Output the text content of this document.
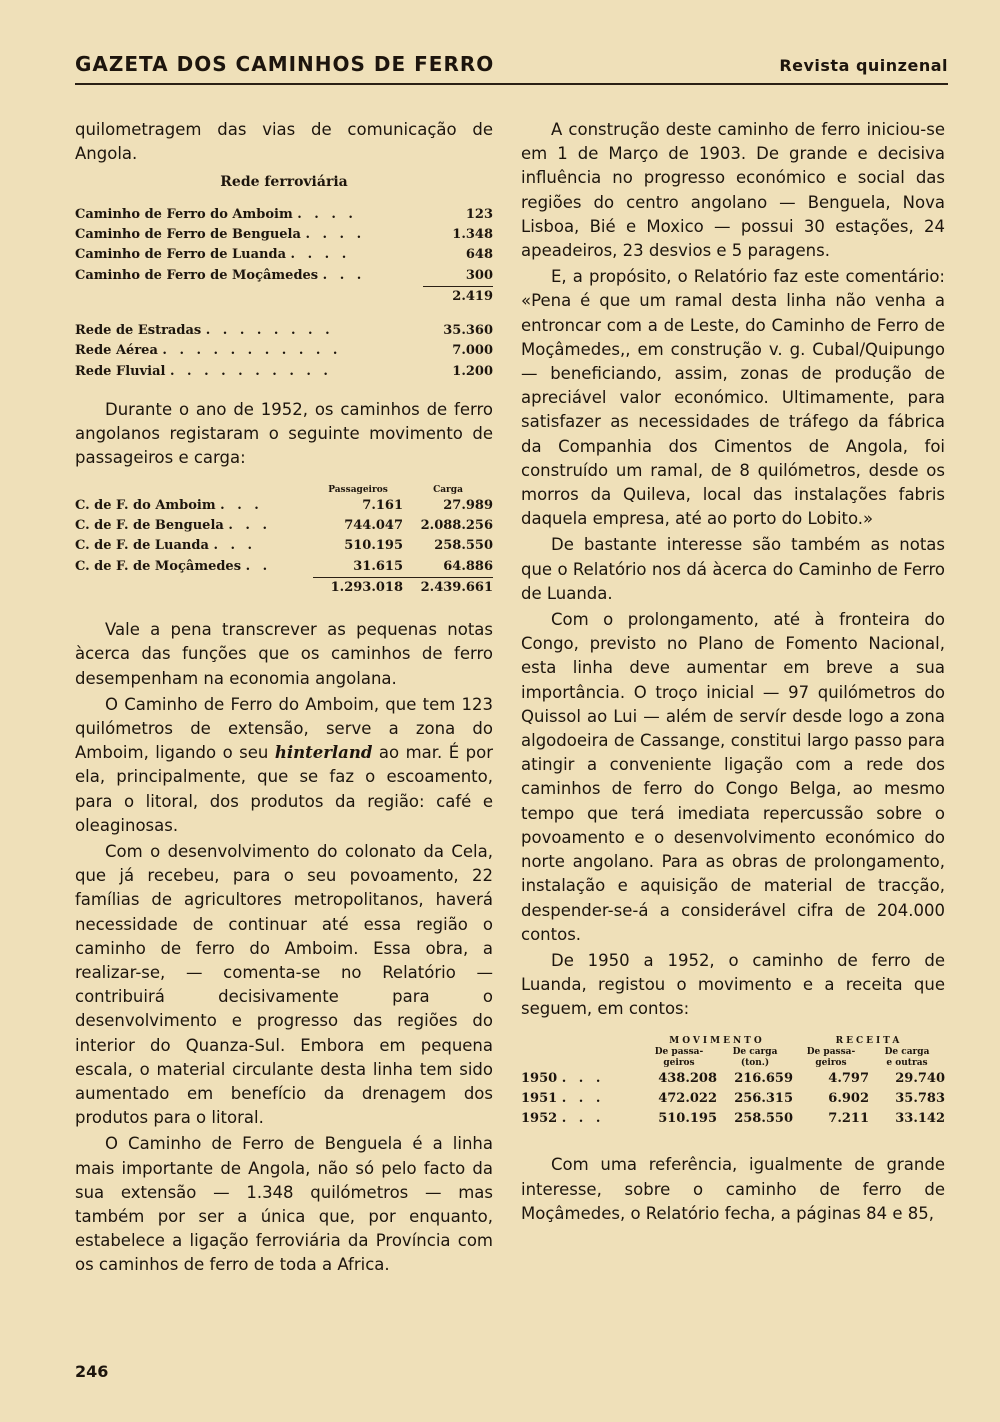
GAZETA DOS CAMINHOS DE FERRO	Revista quinzenal

quilometragem das vias de comunicação de Angola.

Rede ferroviária
Caminho de Ferro do Amboim . . . .	123
Caminho de Ferro de Benguela . . . .	1.348
Caminho de Ferro de Luanda . . . .	648
Caminho de Ferro de Moçâmedes . . .	300
2.419
Rede de Estradas . . . . . . . .	35.360
Rede Aérea . . . . . . . . . . .	7.000
Rede Fluvial . . . . . . . . . .	1.200

Durante o ano de 1952, os caminhos de ferro angolanos registaram o seguinte movimento de passageiros e carga:

Passageiros	Carga
C. de F. do Amboim . . .	7.161	27.989
C. de F. de Benguela . . .	744.047	2.088.256
C. de F. de Luanda . . .	510.195	258.550
C. de F. de Moçâmedes . .	31.615	64.886
1.293.018	2.439.661

Vale a pena transcrever as pequenas notas àcerca das funções que os caminhos de ferro desempenham na economia angolana.

O Caminho de Ferro do Amboim, que tem 123 quilómetros de extensão, serve a zona do Amboim, ligando o seu hinterland ao mar. É por ela, principalmente, que se faz o escoamento, para o litoral, dos produtos da região: café e oleaginosas.

Com o desenvolvimento do colonato da Cela, que já recebeu, para o seu povoamento, 22 famílias de agricultores metropolitanos, haverá necessidade de continuar até essa região o caminho de ferro do Amboim. Essa obra, a realizar-se, — comenta-se no Relatório — contribuirá decisivamente para o desenvolvimento e progresso das regiões do interior do Quanza-Sul. Embora em pequena escala, o material circulante desta linha tem sido aumentado em benefício da drenagem dos produtos para o litoral.

O Caminho de Ferro de Benguela é a linha mais importante de Angola, não só pelo facto da sua extensão — 1.348 quilómetros — mas também por ser a única que, por enquanto, estabelece a ligação ferroviária da Província com os caminhos de ferro de toda a Africa.

A construção deste caminho de ferro iniciou-se em 1 de Março de 1903. De grande e decisiva influência no progresso económico e social das regiões do centro angolano — Benguela, Nova Lisboa, Bié e Moxico — possui 30 estações, 24 apeadeiros, 23 desvios e 5 paragens.

E, a propósito, o Relatório faz este comentário: «Pena é que um ramal desta linha não venha a entroncar com a de Leste, do Caminho de Ferro de Moçâmedes,, em construção v. g. Cubal/Quipungo — beneficiando, assim, zonas de produção de apreciável valor económico. Ultimamente, para satisfazer as necessidades de tráfego da fábrica da Companhia dos Cimentos de Angola, foi construído um ramal, de 8 quilómetros, desde os morros da Quileva, local das instalações fabris daquela empresa, até ao porto do Lobito.»

De bastante interesse são também as notas que o Relatório nos dá àcerca do Caminho de Ferro de Luanda.

Com o prolongamento, até à fronteira do Congo, previsto no Plano de Fomento Nacional, esta linha deve aumentar em breve a sua importância. O troço inicial — 97 quilómetros do Quissol ao Lui — além de servír desde logo a zona algodoeira de Cassange, constitui largo passo para atingir a conveniente ligação com a rede dos caminhos de ferro do Congo Belga, ao mesmo tempo que terá imediata repercussão sobre o povoamento e o desenvolvimento económico do norte angolano. Para as obras de prolongamento, instalação e aquisição de material de tracção, despender-se-á a considerável cifra de 204.000 contos.

De 1950 a 1952, o caminho de ferro de Luanda, registou o movimento e a receita que seguem, em contos:

MOVIMENTO	RECEITA
De passa-
geiros
De carga
(ton.)
De passa-
geiros
De carga
e outras
1950 . . .	438.208	216.659	4.797	29.740
1951 . . .	472.022	256.315	6.902	35.783
1952 . . .	510.195	258.550	7.211	33.142

Com uma referência, igualmente de grande interesse, sobre o caminho de ferro de Moçâmedes, o Relatório fecha, a páginas 84 e 85,

246
